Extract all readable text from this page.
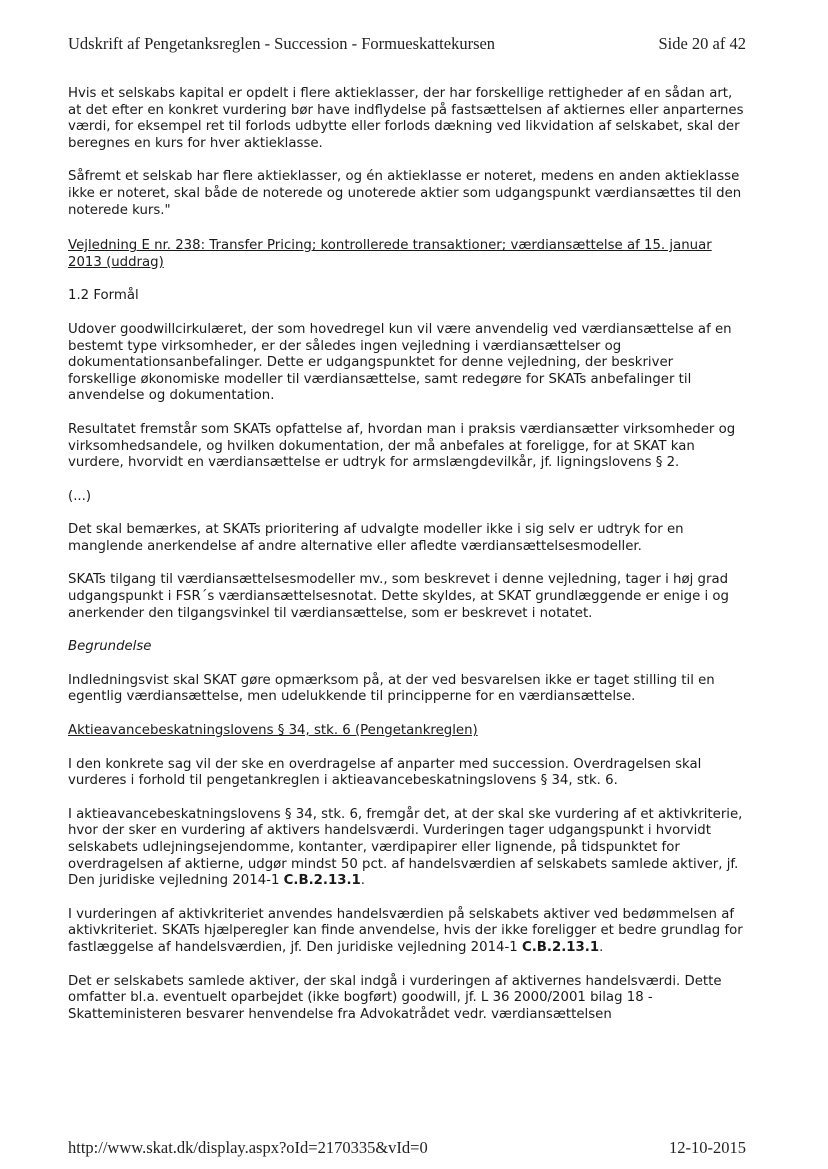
Udskrift af Pengetanksreglen - Succession - Formueskattekursen	Side 20 af 42

Hvis et selskabs kapital er opdelt i flere aktieklasser, der har forskellige rettigheder af en sådan art, at det efter en konkret vurdering bør have indflydelse på fastsættelsen af aktiernes eller anparternes værdi, for eksempel ret til forlods udbytte eller forlods dækning ved likvidation af selskabet, skal der beregnes en kurs for hver aktieklasse.

Såfremt et selskab har flere aktieklasser, og én aktieklasse er noteret, medens en anden aktieklasse ikke er noteret, skal både de noterede og unoterede aktier som udgangspunkt værdiansættes til den noterede kurs."

Vejledning E nr. 238: Transfer Pricing; kontrollerede transaktioner; værdiansættelse af 15. januar 2013 (uddrag)

1.2 Formål

Udover goodwillcirkulæret, der som hovedregel kun vil være anvendelig ved værdiansættelse af en bestemt type virksomheder, er der således ingen vejledning i værdiansættelser og dokumentationsanbefalinger. Dette er udgangspunktet for denne vejledning, der beskriver forskellige økonomiske modeller til værdiansættelse, samt redegøre for SKATs anbefalinger til anvendelse og dokumentation.

Resultatet fremstår som SKATs opfattelse af, hvordan man i praksis værdiansætter virksomheder og virksomhedsandele, og hvilken dokumentation, der må anbefales at foreligge, for at SKAT kan vurdere, hvorvidt en værdiansættelse er udtryk for armslængdevilkår, jf. ligningslovens § 2.

(...)

Det skal bemærkes, at SKATs prioritering af udvalgte modeller ikke i sig selv er udtryk for en manglende anerkendelse af andre alternative eller afledte værdiansættelsesmodeller.

SKATs tilgang til værdiansættelsesmodeller mv., som beskrevet i denne vejledning, tager i høj grad udgangspunkt i FSR´s værdiansættelsesnotat. Dette skyldes, at SKAT grundlæggende er enige i og anerkender den tilgangsvinkel til værdiansættelse, som er beskrevet i notatet.

Begrundelse

Indledningsvist skal SKAT gøre opmærksom på, at der ved besvarelsen ikke er taget stilling til en egentlig værdiansættelse, men udelukkende til principperne for en værdiansættelse.

Aktieavancebeskatningslovens § 34, stk. 6 (Pengetankreglen)

I den konkrete sag vil der ske en overdragelse af anparter med succession. Overdragelsen skal vurderes i forhold til pengetankreglen i aktieavancebeskatningslovens § 34, stk. 6.

I aktieavancebeskatningslovens § 34, stk. 6, fremgår det, at der skal ske vurdering af et aktivkriterie, hvor der sker en vurdering af aktivers handelsværdi. Vurderingen tager udgangspunkt i hvorvidt selskabets udlejningsejendomme, kontanter, værdipapirer eller lignende, på tidspunktet for overdragelsen af aktierne, udgør mindst 50 pct. af handelsværdien af selskabets samlede aktiver, jf. Den juridiske vejledning 2014-1 C.B.2.13.1.

I vurderingen af aktivkriteriet anvendes handelsværdien på selskabets aktiver ved bedømmelsen af aktivkriteriet. SKATs hjælperegler kan finde anvendelse, hvis der ikke foreligger et bedre grundlag for fastlæggelse af handelsværdien, jf. Den juridiske vejledning 2014-1 C.B.2.13.1.

Det er selskabets samlede aktiver, der skal indgå i vurderingen af aktivernes handelsværdi. Dette omfatter bl.a. eventuelt oparbejdet (ikke bogført) goodwill, jf. L 36 2000/2001 bilag 18 - Skatteministeren besvarer henvendelse fra Advokatrådet vedr. værdiansættelsen

http://www.skat.dk/display.aspx?oId=2170335&vId=0	12-10-2015
